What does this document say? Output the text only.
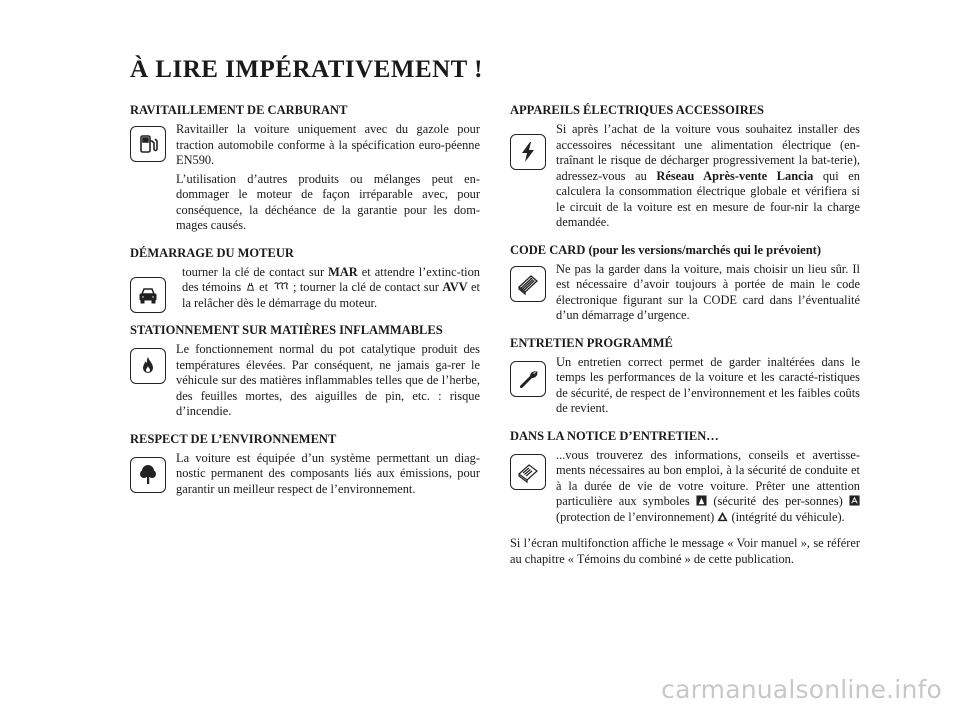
À LIRE IMPÉRATIVEMENT !
RAVITAILLEMENT DE CARBURANT

Ravitailler la voiture uniquement avec du gazole pour traction automobile conforme à la spécification euro-péenne EN590.

L’utilisation d’autres produits ou mélanges peut en-dommager le moteur de façon irréparable avec, pour conséquence, la déchéance de la garantie pour les dom-mages causés.

DÉMARRAGE DU MOTEUR

tourner la clé de contact sur MAR et attendre l’extinc-tion des témoins
et
; tourner la clé de contact sur AVV et la relâcher dès le démarrage du moteur.

STATIONNEMENT SUR MATIÈRES INFLAMMABLES

Le fonctionnement normal du pot catalytique produit des températures élevées. Par conséquent, ne jamais ga-rer le véhicule sur des matières inflammables telles que de l’herbe, des feuilles mortes, des aiguilles de pin, etc. : risque d’incendie.

RESPECT DE L’ENVIRONNEMENT

La voiture est équipée d’un système permettant un diag-nostic permanent des composants liés aux émissions, pour garantir un meilleur respect de l’environnement.

APPAREILS ÉLECTRIQUES ACCESSOIRES

Si après l’achat de la voiture vous souhaitez installer des accessoires nécessitant une alimentation électrique (en-traînant le risque de décharger progressivement la bat-terie), adressez-vous au Réseau Après-vente Lancia qui en calculera la consommation électrique globale et vérifiera si le circuit de la voiture est en mesure de four-nir la charge demandée.

CODE CARD (pour les versions/marchés qui le prévoient)

Ne pas la garder dans la voiture, mais choisir un lieu sûr. Il est nécessaire d’avoir toujours à portée de main le code électronique figurant sur la CODE card dans l’éventualité d’un démarrage d’urgence.

ENTRETIEN PROGRAMMÉ

Un entretien correct permet de garder inaltérées dans le temps les performances de la voiture et les caracté-ristiques de sécurité, de respect de l’environnement et les faibles coûts de revient.

DANS LA NOTICE D’ENTRETIEN…

...vous trouverez des informations, conseils et avertisse-ments nécessaires au bon emploi, à la sécurité de conduite et à la durée de vie de votre voiture. Prêter une attention particulière aux symboles
(sécurité des per-sonnes)
(protection de l’environnement)
(intégrité du véhicule).

Si l’écran multifonction affiche le message « Voir manuel », se référer au chapitre « Témoins du combiné » de cette publication.

carmanualsonline.info
